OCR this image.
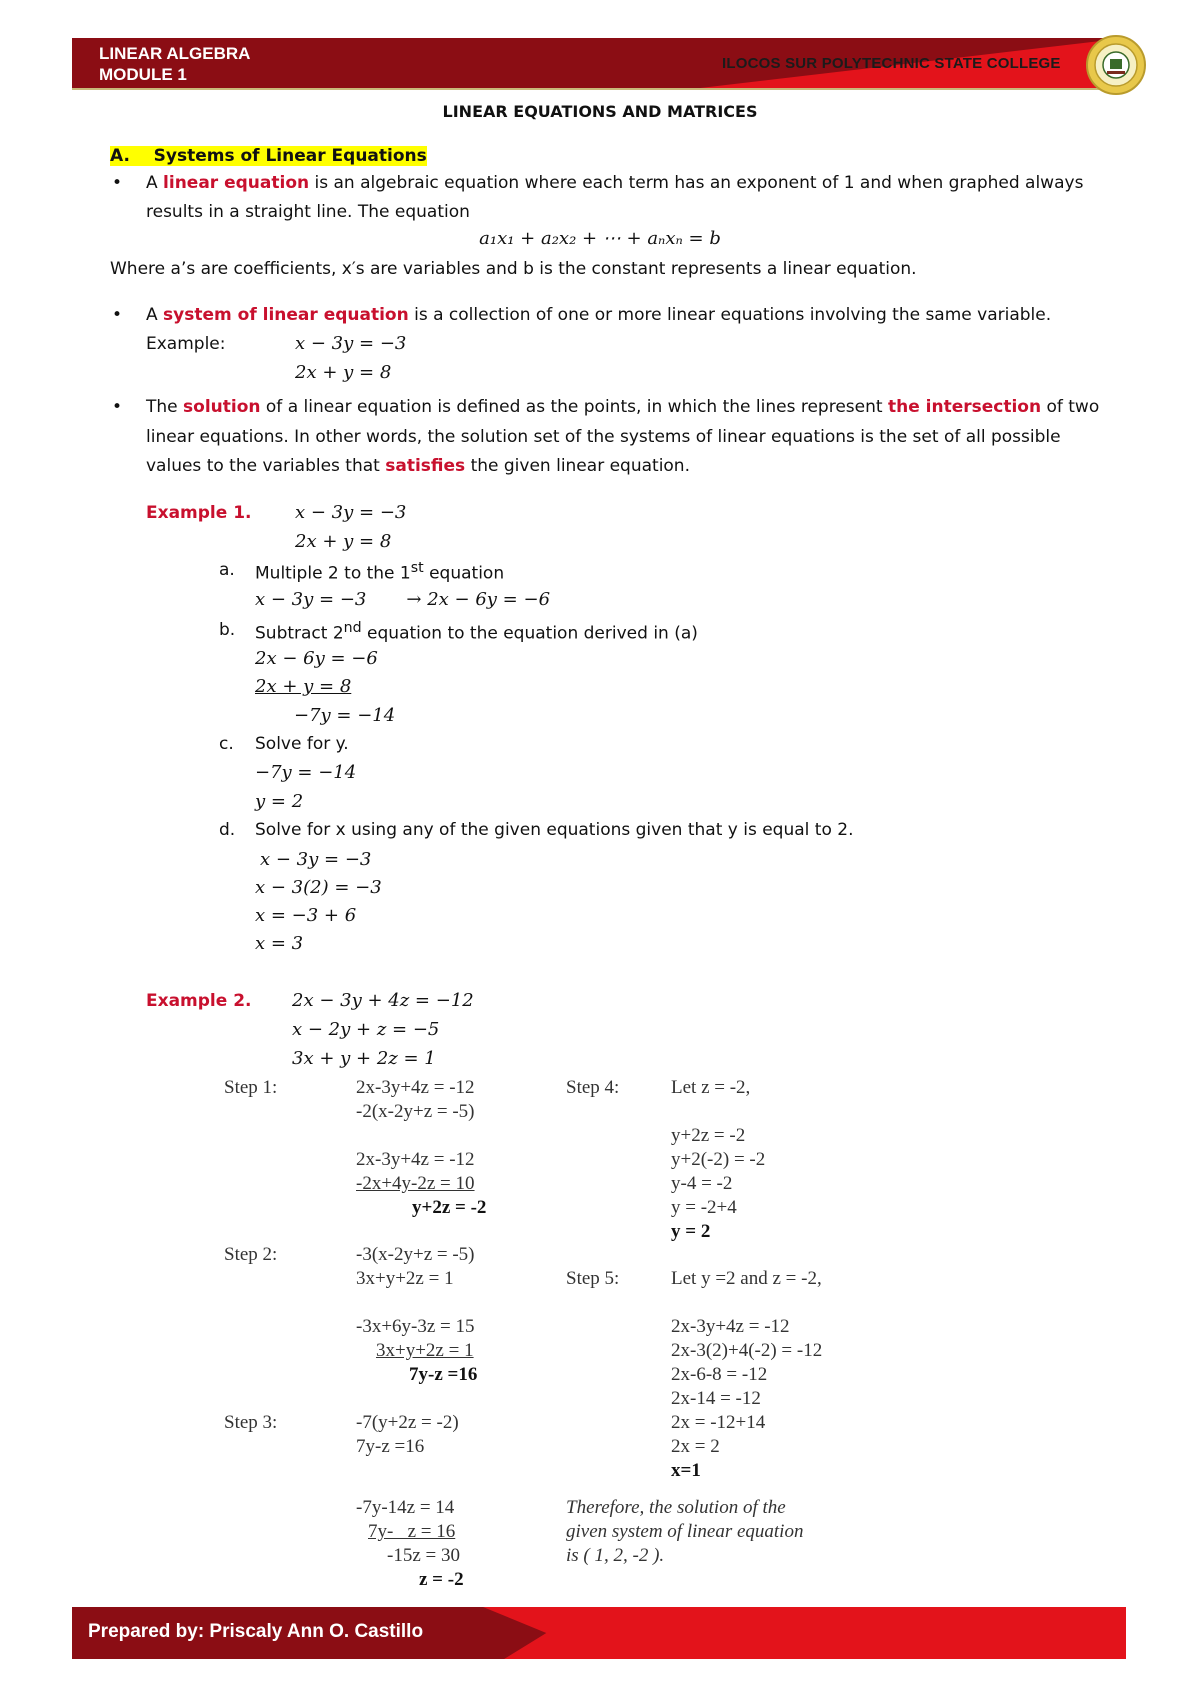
LINEAR ALGEBRA
MODULE 1
ILOCOS SUR POLYTECHNIC STATE COLLEGE
LINEAR EQUATIONS AND MATRICES
A. Systems of Linear Equations
• A linear equation is an algebraic equation where each term has an exponent of 1 and when graphed always
results in a straight line. The equation
a₁x₁ + a₂x₂ + ⋯ + aₙxₙ = b
Where a’s are coefficients, x′s are variables and b is the constant represents a linear equation.
• A system of linear equation is a collection of one or more linear equations involving the same variable.
Example:	x − 3y = −3
2x + y = 8
• The solution of a linear equation is defined as the points, in which the lines represent the intersection of two
linear equations. In other words, the solution set of the systems of linear equations is the set of all possible
values to the variables that satisfies the given linear equation.
Example 1. x − 3y = −3
2x + y = 8
a. Multiple 2 to the 1st equation
x − 3y = −3       → 2x − 6y = −6
b. Subtract 2nd equation to the equation derived in (a)
2x − 6y = −6
2x + y = 8
−7y = −14
c. Solve for y.
−7y = −14
y = 2
d. Solve for x using any of the given equations given that y is equal to 2.
x − 3y = −3
x − 3(2) = −3
x = −3 + 6
x = 3
Example 2. 2x − 3y + 4z = −12
x − 2y + z = −5
3x + y + 2z = 1
Step 1:	2x-3y+4z = -12
-2(x-2y+z = -5)
2x-3y+4z = -12
-2x+4y-2z = 10
y+2z = -2
Step 2:	-3(x-2y+z = -5)
3x+y+2z = 1
-3x+6y-3z = 15
3x+y+2z = 1
7y-z =16
Step 3:	-7(y+2z = -2)
7y-z =16
-7y-14z = 14
7y-   z = 16
-15z = 30
z = -2
Step 4:	Let z = -2,
y+2z = -2
y+2(-2) = -2
y-4 = -2
y = -2+4
y = 2
Step 5:	Let y =2 and z = -2,
2x-3y+4z = -12
2x-3(2)+4(-2) = -12
2x-6-8 = -12
2x-14 = -12
2x = -12+14
2x = 2
x=1
Therefore, the solution of the
given system of linear equation
is ( 1, 2, -2 ).
Prepared by: Priscaly Ann O. Castillo
